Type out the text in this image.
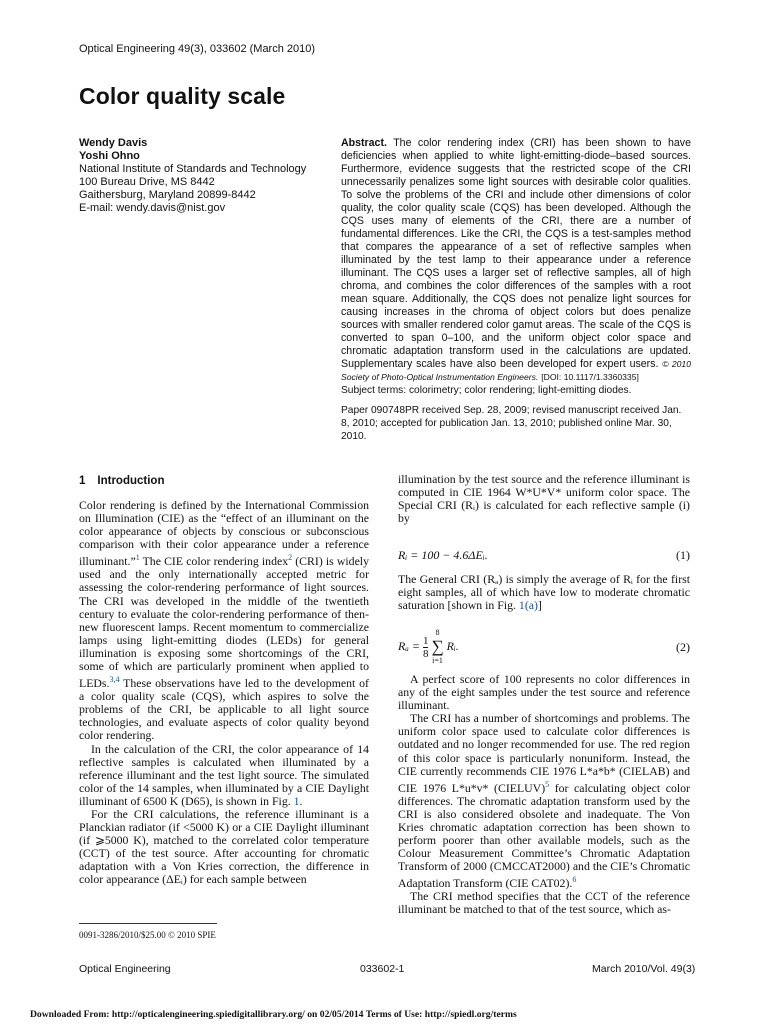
Optical Engineering 49(3), 033602 (March 2010)
Color quality scale
Wendy Davis
Yoshi Ohno
National Institute of Standards and Technology
100 Bureau Drive, MS 8442
Gaithersburg, Maryland 20899-8442
E-mail: wendy.davis@nist.gov
Abstract. The color rendering index (CRI) has been shown to have deficiencies when applied to white light-emitting-diode–based sources. Furthermore, evidence suggests that the restricted scope of the CRI unnecessarily penalizes some light sources with desirable color qualities. To solve the problems of the CRI and include other dimensions of color quality, the color quality scale (CQS) has been developed. Although the CQS uses many of elements of the CRI, there are a number of fundamental differences. Like the CRI, the CQS is a test-samples method that compares the appearance of a set of reflective samples when illuminated by the test lamp to their appearance under a reference illuminant. The CQS uses a larger set of reflective samples, all of high chroma, and combines the color differences of the samples with a root mean square. Additionally, the CQS does not penalize light sources for causing increases in the chroma of object colors but does penalize sources with smaller rendered color gamut areas. The scale of the CQS is converted to span 0–100, and the uniform object color space and chromatic adaptation transform used in the calculations are updated. Supplementary scales have also been developed for expert users. © 2010 Society of Photo-Optical Instrumentation Engineers. [DOI: 10.1117/1.3360335]
Subject terms: colorimetry; color rendering; light-emitting diodes.
Paper 090748PR received Sep. 28, 2009; revised manuscript received Jan. 8, 2010; accepted for publication Jan. 13, 2010; published online Mar. 30, 2010.
1 Introduction

Color rendering is defined by the International Commission on Illumination (CIE) as the “effect of an illuminant on the color appearance of objects by conscious or subconscious comparison with their color appearance under a reference illuminant.”$^1$ The CIE color rendering index$^2$ (CRI) is widely used and the only internationally accepted metric for assessing the color-rendering performance of light sources. The CRI was developed in the middle of the twentieth century to evaluate the color-rendering performance of then-new fluorescent lamps. Recent momentum to commercialize lamps using light-emitting diodes (LEDs) for general illumination is exposing some shortcomings of the CRI, some of which are particularly prominent when applied to LEDs.$^{3,4}$ These observations have led to the development of a color quality scale (CQS), which aspires to solve the problems of the CRI, be applicable to all light source technologies, and evaluate aspects of color quality beyond color rendering.

In the calculation of the CRI, the color appearance of 14 reflective samples is calculated when illuminated by a reference illuminant and the test light source. The simulated color of the 14 samples, when illuminated by a CIE Daylight illuminant of 6500 K (D65), is shown in Fig. 1.

For the CRI calculations, the reference illuminant is a Planckian radiator (if <5000 K) or a CIE Daylight illuminant (if ⩾5000 K), matched to the correlated color temperature (CCT) of the test source. After accounting for chromatic adaptation with a Von Kries correction, the difference in color appearance (ΔEᵢ) for each sample between

illumination by the test source and the reference illuminant is computed in CIE 1964 W*U*V* uniform color space. The Special CRI (Rᵢ) is calculated for each reflective sample (i) by

Rᵢ = 100 − 4.6ΔEᵢ.	(1)

The General CRI (Rₐ) is simply the average of Rᵢ for the first eight samples, all of which have low to moderate chromatic saturation [shown in Fig. 1(a)]

$R_a = \frac{1}{8}$

8
∑
i=1
Rᵢ.	(2)

A perfect score of 100 represents no color differences in any of the eight samples under the test source and reference illuminant.

The CRI has a number of shortcomings and problems. The uniform color space used to calculate color differences is outdated and no longer recommended for use. The red region of this color space is particularly nonuniform. Instead, the CIE currently recommends CIE 1976 L*a*b* (CIELAB) and CIE 1976 L*u*v* (CIELUV)$^5$ for calculating object color differences. The chromatic adaptation transform used by the CRI is also considered obsolete and inadequate. The Von Kries chromatic adaptation correction has been shown to perform poorer than other available models, such as the Colour Measurement Committee’s Chromatic Adaptation Transform of 2000 (CMCCAT2000) and the CIE’s Chromatic Adaptation Transform (CIE CAT02).$^6$

The CRI method specifies that the CCT of the reference illuminant be matched to that of the test source, which as-

0091-3286/2010/$25.00 © 2010 SPIE
Optical Engineering	033602-1	March 2010/Vol. 49(3)
Downloaded From: http://opticalengineering.spiedigitallibrary.org/ on 02/05/2014 Terms of Use: http://spiedl.org/terms
